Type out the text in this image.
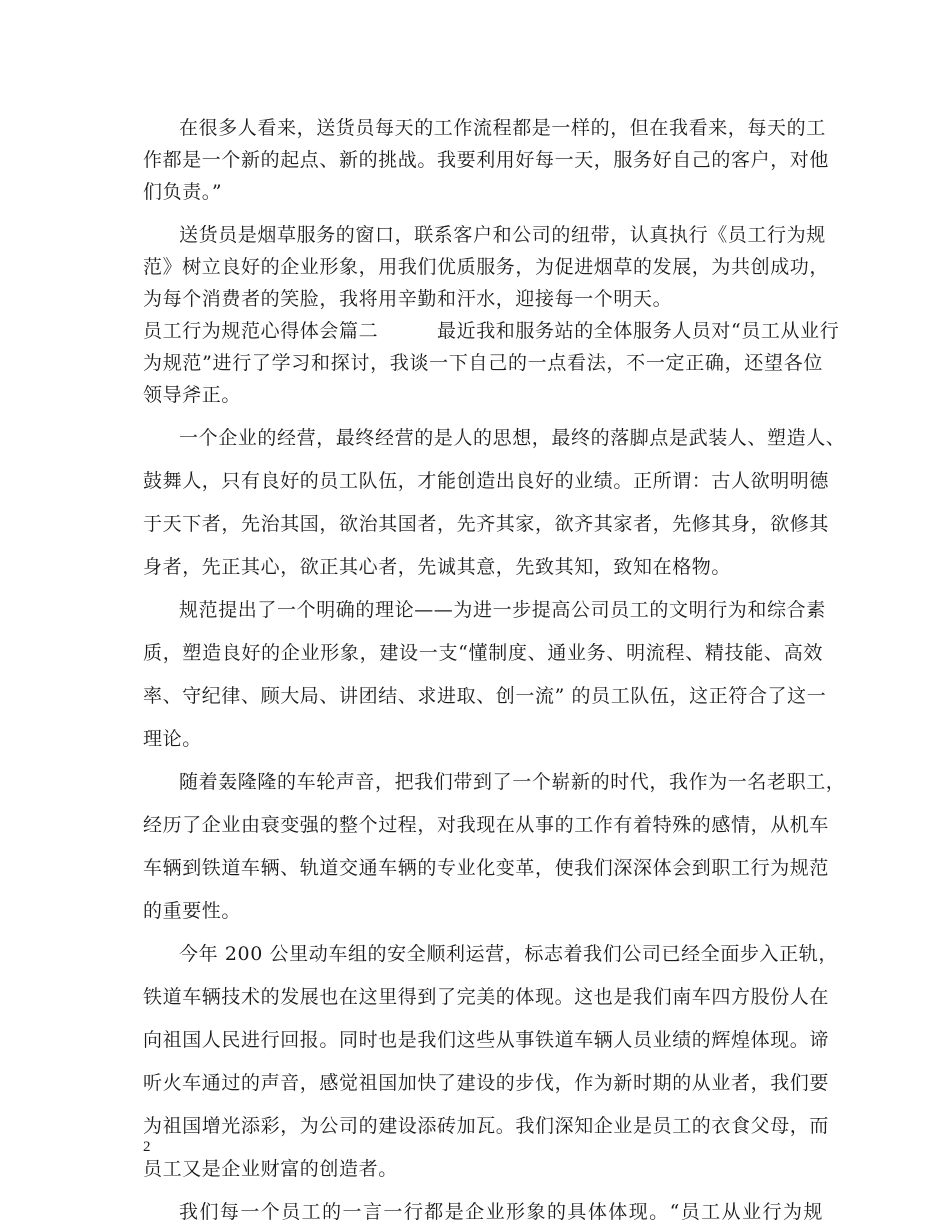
在很多人看来，送货员每天的工作流程都是一样的，但在我看来，每天的工
作都是一个新的起点、新的挑战。我要利用好每一天，服务好自己的客户，对他
们负责。”
送货员是烟草服务的窗口，联系客户和公司的纽带，认真执行《员工行为规
范》树立良好的企业形象，用我们优质服务，为促进烟草的发展，为共创成功，
为每个消费者的笑脸，我将用辛勤和汗水，迎接每一个明天。
员工行为规范心得体会篇二　　　最近我和服务站的全体服务人员对“员工从业行
为规范”进行了学习和探讨，我谈一下自己的一点看法，不一定正确，还望各位
领导斧正。
一个企业的经营，最终经营的是人的思想，最终的落脚点是武装人、塑造人、
鼓舞人，只有良好的员工队伍，才能创造出良好的业绩。正所谓：古人欲明明德
于天下者，先治其国，欲治其国者，先齐其家，欲齐其家者，先修其身，欲修其
身者，先正其心，欲正其心者，先诚其意，先致其知，致知在格物。
规范提出了一个明确的理论——为进一步提高公司员工的文明行为和综合素
质，塑造良好的企业形象，建设一支“懂制度、通业务、明流程、精技能、高效
率、守纪律、顾大局、讲团结、求进取、创一流” 的员工队伍，这正符合了这一
理论。
随着轰隆隆的车轮声音，把我们带到了一个崭新的时代，我作为一名老职工，
经历了企业由衰变强的整个过程，对我现在从事的工作有着特殊的感情，从机车
车辆到铁道车辆、轨道交通车辆的专业化变革，使我们深深体会到职工行为规范
的重要性。
今年 200 公里动车组的安全顺利运营，标志着我们公司已经全面步入正轨，
铁道车辆技术的发展也在这里得到了完美的体现。这也是我们南车四方股份人在
向祖国人民进行回报。同时也是我们这些从事铁道车辆人员业绩的辉煌体现。谛
听火车通过的声音，感觉祖国加快了建设的步伐，作为新时期的从业者，我们要
为祖国增光添彩，为公司的建设添砖加瓦。我们深知企业是员工的衣食父母，而
员工又是企业财富的创造者。
我们每一个员工的一言一行都是企业形象的具体体现。“员工从业行为规
2
